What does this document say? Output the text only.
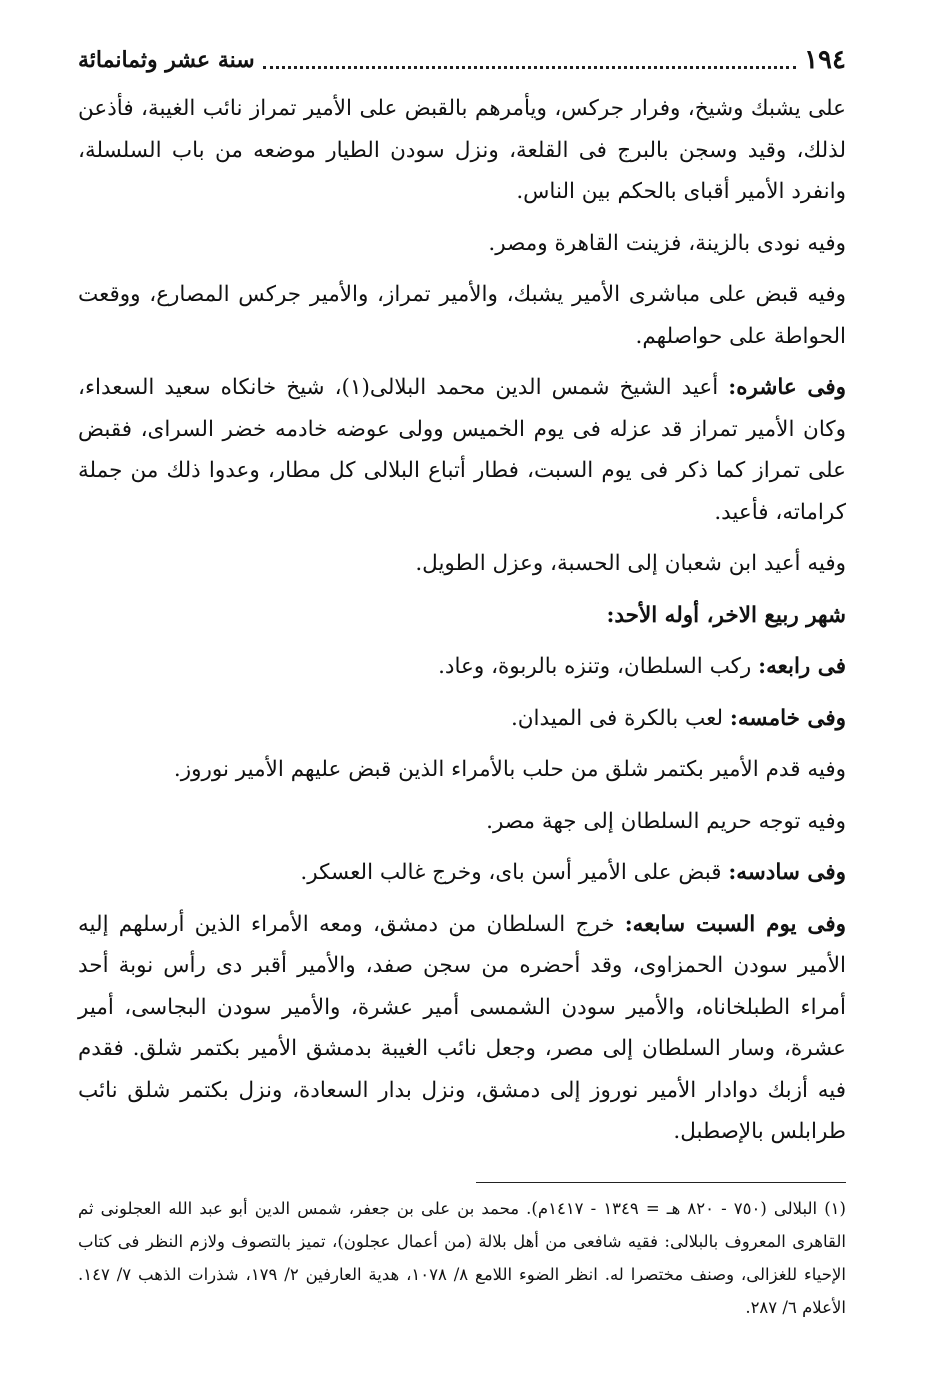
١٩٤
سنة عشر وثمانمائة

على يشبك وشيخ، وفرار جركس، ويأمرهم بالقبض على الأمير تمراز نائب الغيبة، فأذعن لذلك، وقيد وسجن بالبرج فى القلعة، ونزل سودن الطيار موضعه من باب السلسلة، وانفرد الأمير أقباى بالحكم بين الناس.

وفيه نودى بالزينة، فزينت القاهرة ومصر.

وفيه قبض على مباشرى الأمير يشبك، والأمير تمراز، والأمير جركس المصارع، ووقعت الحواطة على حواصلهم.

وفى عاشره: أعيد الشيخ شمس الدين محمد البلالى(١)، شيخ خانكاه سعيد السعداء، وكان الأمير تمراز قد عزله فى يوم الخميس وولى عوضه خادمه خضر السراى، فقبض على تمراز كما ذكر فى يوم السبت، فطار أتباع البلالى كل مطار، وعدوا ذلك من جملة كراماته، فأعيد.

وفيه أعيد ابن شعبان إلى الحسبة، وعزل الطويل.

شهر ربيع الاخر، أوله الأحد:

فى رابعه: ركب السلطان، وتنزه بالربوة، وعاد.

وفى خامسه: لعب بالكرة فى الميدان.

وفيه قدم الأمير بكتمر شلق من حلب بالأمراء الذين قبض عليهم الأمير نوروز.

وفيه توجه حريم السلطان إلى جهة مصر.

وفى سادسه: قبض على الأمير أسن باى، وخرج غالب العسكر.

وفى يوم السبت سابعه: خرج السلطان من دمشق، ومعه الأمراء الذين أرسلهم إليه الأمير سودن الحمزاوى، وقد أحضره من سجن صفد، والأمير أقبر دى رأس نوبة أحد أمراء الطبلخاناه، والأمير سودن الشمسى أمير عشرة، والأمير سودن البجاسى، أمير عشرة، وسار السلطان إلى مصر، وجعل نائب الغيبة بدمشق الأمير بكتمر شلق. فقدم فيه أزبك دوادار الأمير نوروز إلى دمشق، ونزل بدار السعادة، ونزل بكتمر شلق نائب طرابلس بالإصطبل.

(١) البلالى (٧٥٠ - ٨٢٠ هـ = ١٣٤٩ - ١٤١٧م). محمد بن على بن جعفر، شمس الدين أبو عبد الله العجلونى ثم القاهرى المعروف بالبلالى: فقيه شافعى من أهل بلالة (من أعمال عجلون)، تميز بالتصوف ولازم النظر فى كتاب الإحياء للغزالى، وصنف مختصرا له. انظر الضوء اللامع ٨/ ١٠٧٨، هدية العارفين ٢/ ١٧٩، شذرات الذهب ٧/ ١٤٧. الأعلام ٦/ ٢٨٧.
